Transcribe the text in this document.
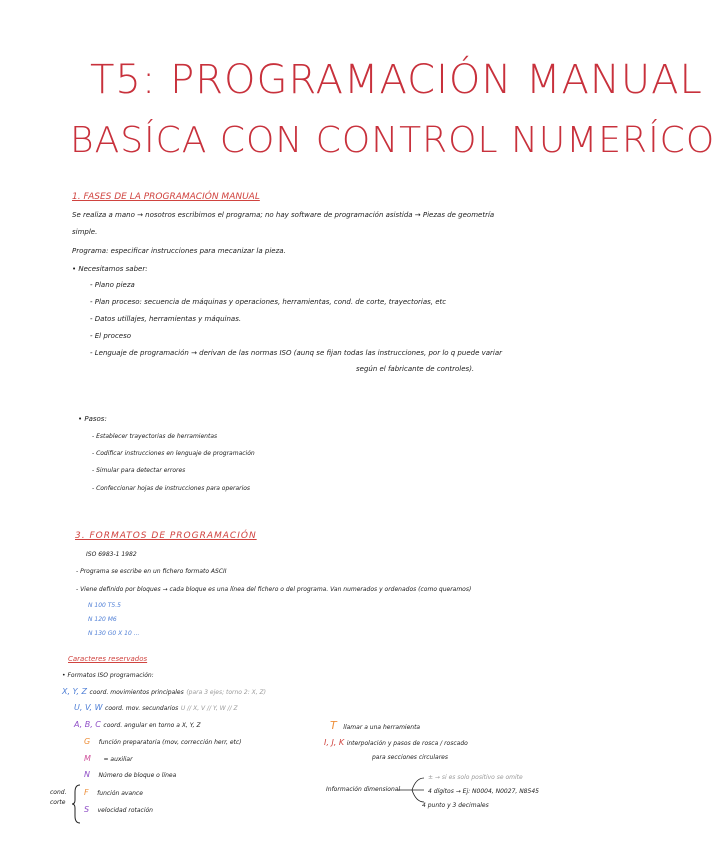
T5: PROGRAMACIÓN MANUAL
BASÍCA CON CONTROL NUMERÍCO
1. FASES DE LA PROGRAMACIÓN MANUAL
Se realiza a mano → nosotros escribimos el programa; no hay software de programación asistida → Piezas de geometría
simple.
Programa: especificar instrucciones para mecanizar la pieza.
• Necesitamos saber:
- Plano pieza
- Plan proceso: secuencia de máquinas y operaciones, herramientas, cond. de corte, trayectorias, etc
- Datos utillajes, herramientas y máquinas.
- El proceso
- Lenguaje de programación → derivan de las normas ISO (aunq se fijan todas las instrucciones, por lo q puede variar
según el fabricante de controles).
• Pasos:
- Establecer trayectorias de herramientas
- Codificar instrucciones en lenguaje de programación
- Simular para detectar errores
- Confeccionar hojas de instrucciones para operarios
3. FORMATOS DE PROGRAMACIÓN
ISO 6983-1 1982
- Programa se escribe en un fichero formato ASCII
- Viene definido por bloques → cada bloque es una línea del fichero o del programa. Van numerados y ordenados (como queramos)
N 100 T5.5
N 120 M6
N 130 G0 X 10 ...
Caracteres reservados
• Formatos ISO programación:
X, Y, Z coord. movimientos principales (para 3 ejes; torno 2: X, Z)
U, V, W coord. mov. secundarios U // X, V // Y, W // Z
A, B, C coord. angular en torno a X, Y, Z
G función preparatoria (mov, corrección herr, etc)
M = auxiliar
N Número de bloque o línea
cond.
corte
F función avance
S velocidad rotación
T llamar a una herramienta
I, J, K interpolación y pasos de rosca / roscado
para secciones circulares
Información dimensional
± → si es solo positivo se omite
4 dígitos → Ej: N0004, N0027, N8545
4 punto y 3 decimales
